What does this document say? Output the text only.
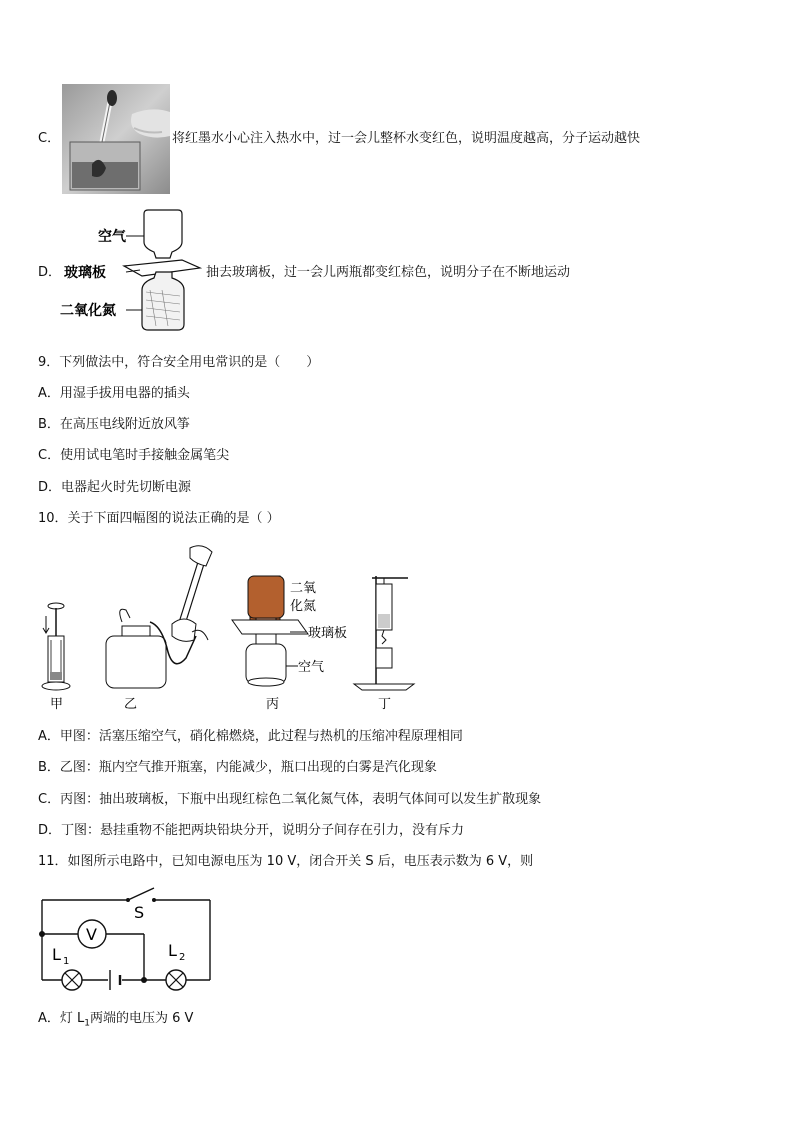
C．	将红墨水小心注入热水中，过一会儿整杯水变红色，说明温度越高，分子运动越快
空气
玻璃板
二氧化氮
D．	抽去玻璃板，过一会儿两瓶都变红棕色，说明分子在不断地运动
9．下列做法中，符合安全用电常识的是（　　）
A．用湿手拔用电器的插头
B．在高压电线附近放风筝
C．使用试电笔时手接触金属笔尖
D．电器起火时先切断电源
10．关于下面四幅图的说法正确的是（ ）
二氧
化氮
玻璃板
空气
甲	乙	丙	丁
A．甲图：活塞压缩空气，硝化棉燃烧，此过程与热机的压缩冲程原理相同
B．乙图：瓶内空气推开瓶塞，内能减少，瓶口出现的白雾是汽化现象
C．丙图：抽出玻璃板，下瓶中出现红棕色二氧化氮气体，表明气体间可以发生扩散现象
D．丁图：悬挂重物不能把两块铅块分开，说明分子间存在引力，没有斥力
11．如图所示电路中，已知电源电压为 10 V，闭合开关 S 后，电压表示数为 6 V，则
S
V
L 1
L 2
A．灯 $L_1$两端的电压为 6 V
